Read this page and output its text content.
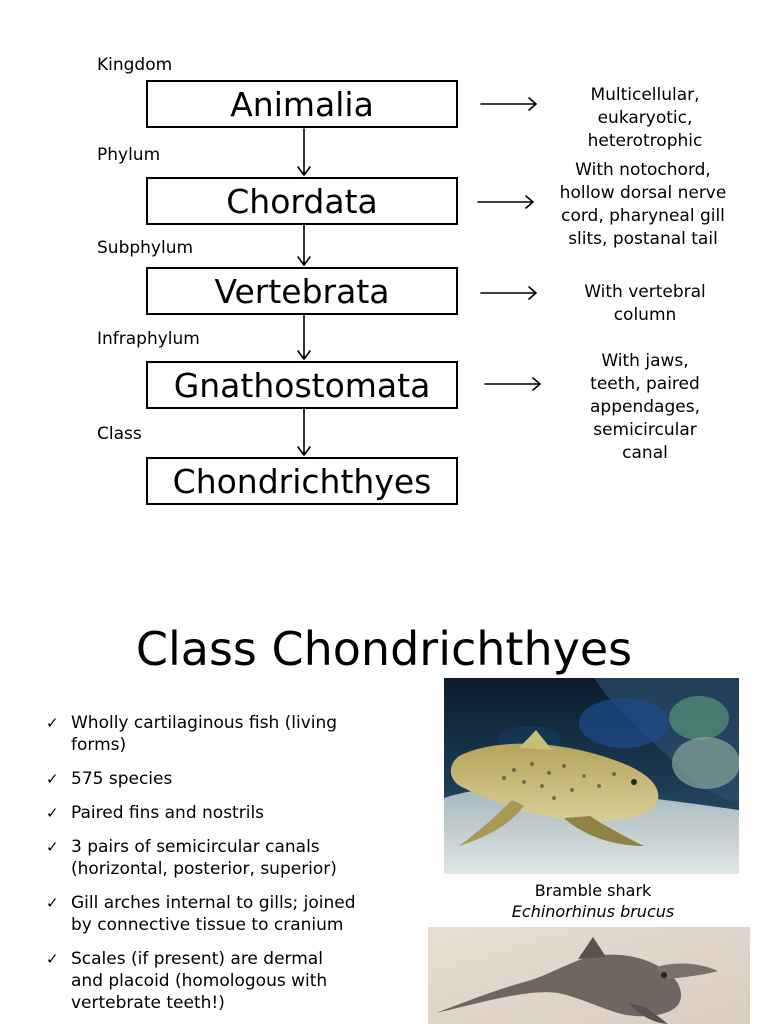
Kingdom
Phylum
Subphylum
Infraphylum
Class
Animalia
Chordata
Vertebrata
Gnathostomata
Chondrichthyes
Multicellular,
eukaryotic,
heterotrophic
With notochord,
hollow dorsal nerve
cord, pharyneal gill
slits, postanal tail
With vertebral
column
With jaws,
teeth, paired
appendages,
semicircular
canal
Class Chondrichthyes
✓ Wholly cartilaginous fish (living
forms)
✓ 575 species
✓ Paired fins and nostrils
✓ 3 pairs of semicircular canals
(horizontal, posterior, superior)
✓ Gill arches internal to gills; joined
by connective tissue to cranium
✓ Scales (if present) are dermal
and placoid (homologous with
vertebrate teeth!)
Bramble shark
Echinorhinus brucus
